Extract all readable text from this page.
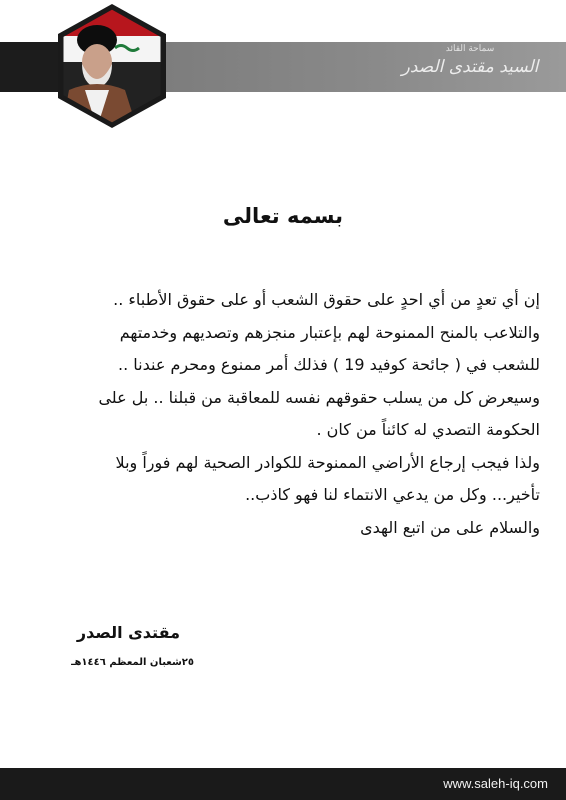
سماحة القائد
السيد مقتدى الصدر
بسمه تعالى

إن أي تعدٍ من أي احدٍ على حقوق الشعب أو على حقوق الأطباء ..

والتلاعب بالمنح الممنوحة لهم بإعتبار منجزهم وتصديهم وخدمتهم

للشعب في ( جائحة كوفيد 19 ) فذلك أمر ممنوع ومحرم عندنا ..

وسيعرض كل من يسلب حقوقهم نفسه للمعاقبة من قبلنا .. بل على

الحكومة التصدي له كائناً من كان .

ولذا فيجب إرجاع الأراضي الممنوحة للكوادر الصحية لهم فوراً وبلا

تأخير... وكل من يدعي الانتماء لنا فهو كاذب..

والسلام على من اتبع الهدى

مقتدى الصدر
٢٥شعبان المعظم ١٤٤٦هـ
www.saleh-iq.com
